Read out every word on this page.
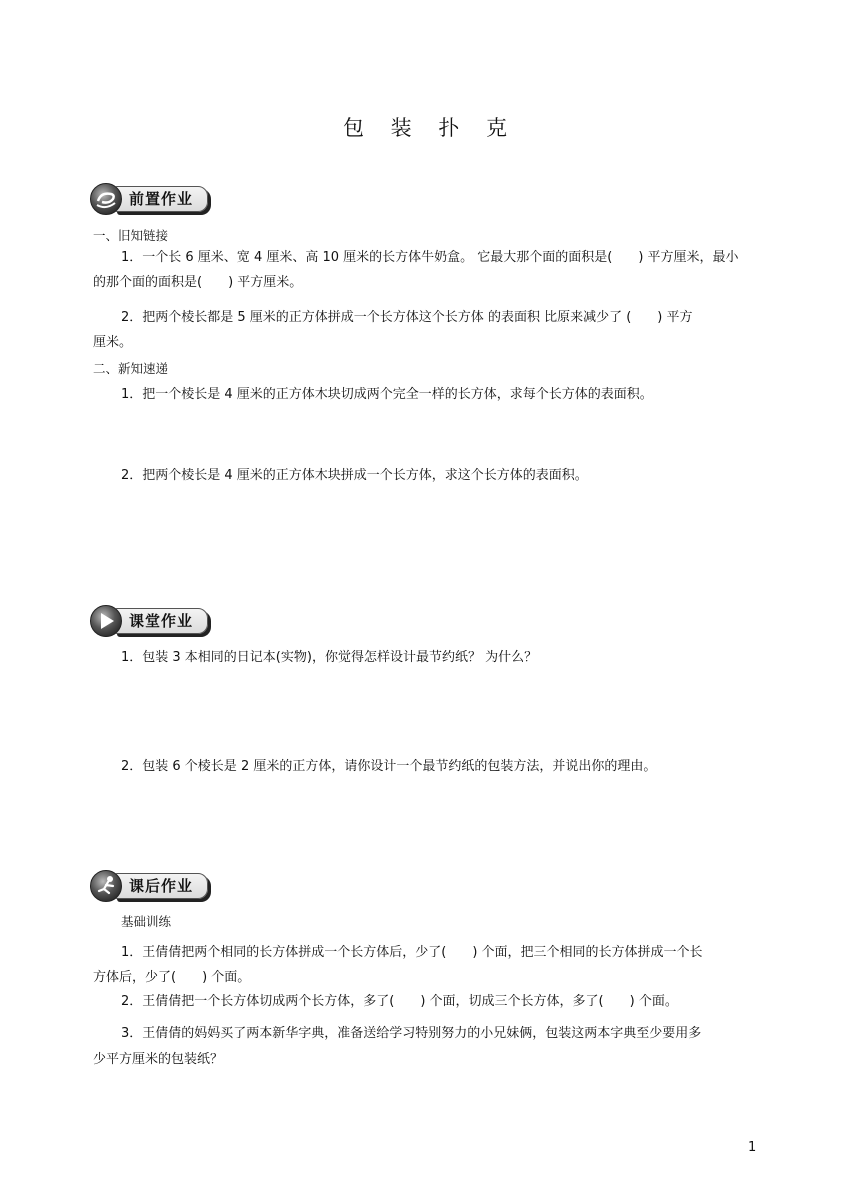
包 装 扑 克
前置作业
一、旧知链接
1．一个长 6 厘米、宽 4 厘米、高 10 厘米的长方体牛奶盒。 它最大那个面的面积是(　　) 平方厘米，最小
的那个面的面积是(　　) 平方厘米。
2．把两个棱长都是 5 厘米的正方体拼成一个长方体这个长方体 的表面积 比原来减少了 (　　) 平方
厘米。
二、新知速递
1．把一个棱长是 4 厘米的正方体木块切成两个完全一样的长方体，求每个长方体的表面积。
2．把两个棱长是 4 厘米的正方体木块拼成一个长方体，求这个长方体的表面积。
课堂作业
1．包装 3 本相同的日记本(实物)，你觉得怎样设计最节约纸？ 为什么？
2．包装 6 个棱长是 2 厘米的正方体，请你设计一个最节约纸的包装方法，并说出你的理由。
课后作业
基础训练
1．王倩倩把两个相同的长方体拼成一个长方体后，少了(　　) 个面，把三个相同的长方体拼成一个长
方体后，少了(　　) 个面。
2．王倩倩把一个长方体切成两个长方体，多了(　　) 个面，切成三个长方体，多了(　　) 个面。
3．王倩倩的妈妈买了两本新华字典，准备送给学习特别努力的小兄妹俩，包装这两本字典至少要用多
少平方厘米的包装纸？
1
